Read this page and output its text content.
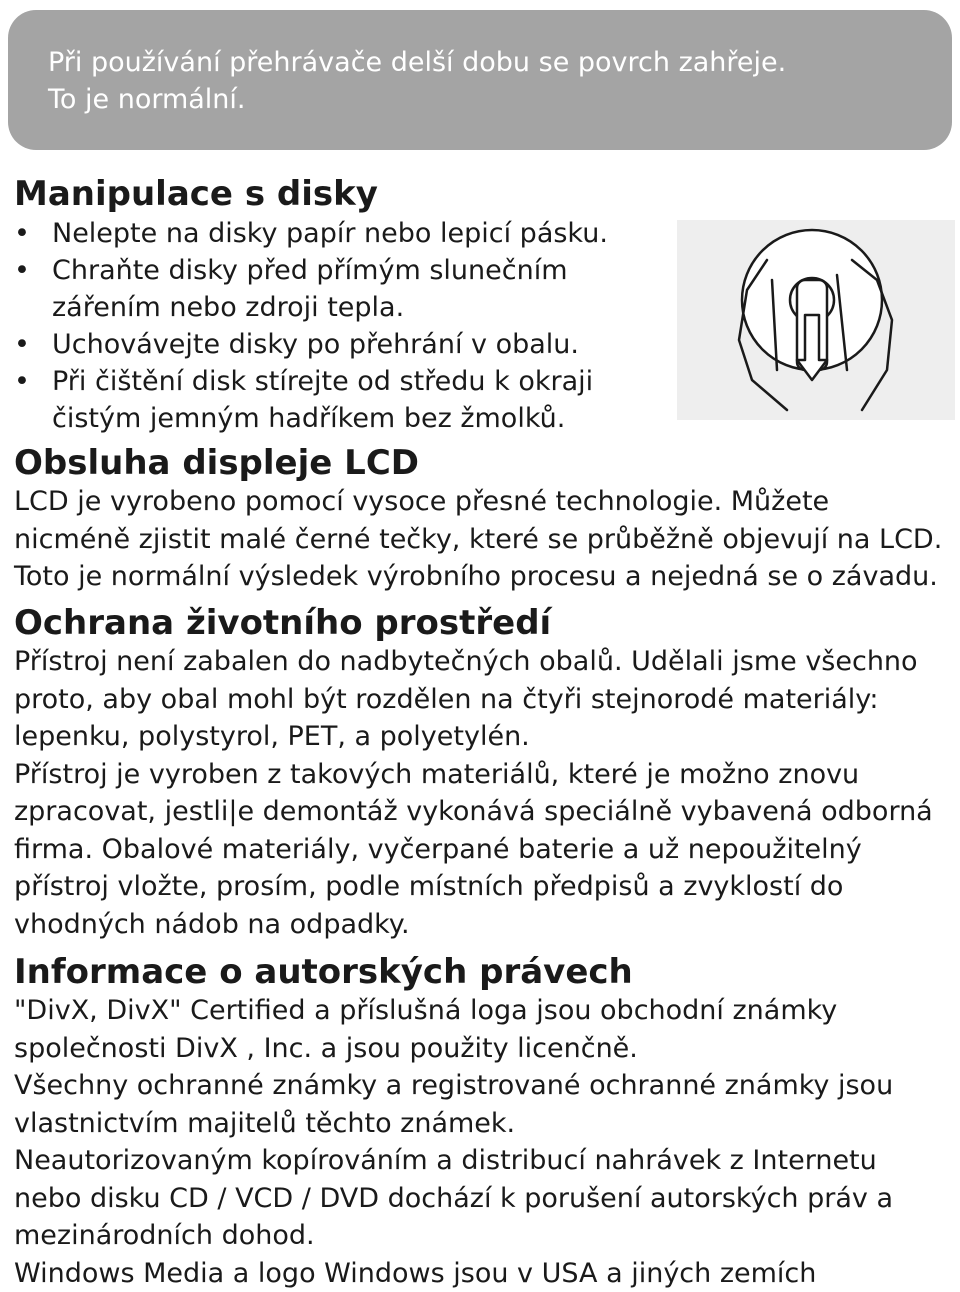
Při používání přehrávače delší dobu se povrch zahřeje.

To je normální.

Manipulace s disky
• Nelepte na disky papír nebo lepicí pásku.
• Chraňte disky před přímým slunečním
zářením nebo zdroji tepla.
• Uchovávejte disky po přehrání v obalu.
• Při čištění disk stírejte od středu k okraji
čistým jemným hadříkem bez žmolků.
Obsluha displeje LCD

LCD je vyrobeno pomocí vysoce přesné technologie. Můžete

nicméně zjistit malé černé tečky, které se průběžně objevují na LCD.

Toto je normální výsledek výrobního procesu a nejedná se o závadu.

Ochrana životního prostředí

Přístroj není zabalen do nadbytečných obalů. Udělali jsme všechno

proto, aby obal mohl být rozdělen na čtyři stejnorodé materiály:

lepenku, polystyrol, PET, a polyetylén.

Přístroj je vyroben z takových materiálů, které je možno znovu

zpracovat, jestli|e demontáž vykonává speciálně vybavená odborná

firma. Obalové materiály, vyčerpané baterie a už nepoužitelný

přístroj vložte, prosím, podle místních předpisů a zvyklostí do

vhodných nádob na odpadky.

Informace o autorských právech

"DivX, DivX" Certified a příslušná loga jsou obchodní známky

společnosti DivX , Inc. a jsou použity licenčně.

Všechny ochranné známky a registrované ochranné známky jsou

vlastnictvím majitelů těchto známek.

Neautorizovaným kopírováním a distribucí nahrávek z Internetu

nebo disku CD / VCD / DVD dochází k porušení autorských práv a

mezinárodních dohod.

Windows Media a logo Windows jsou v USA a jiných zemích
